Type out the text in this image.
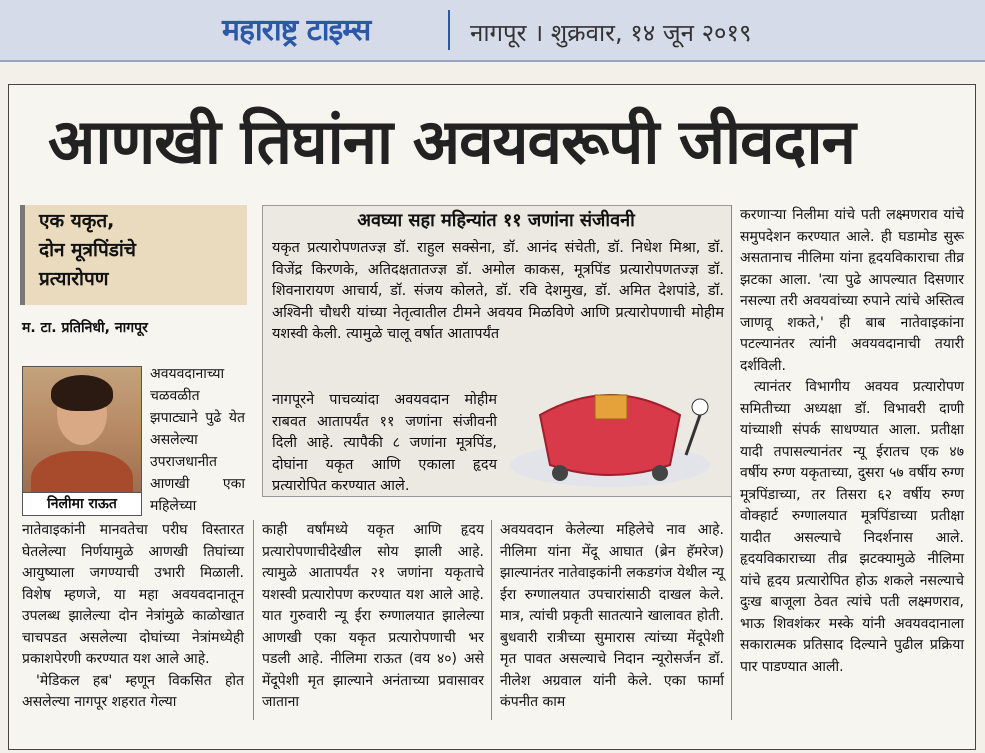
महाराष्ट्र टाइम्स	नागपूर । शुक्रवार, १४ जून २०१९
आणखी तिघांना अवयवरूपी जीवदान
एक यकृत,
दोन मूत्रपिंडांचे
प्रत्यारोपण
म. टा. प्रतिनिधी, नागपूर
निलीमा राऊत

अवयवदानाच्या चळवळीत झपाट्याने पुढे येत असलेल्या उपराजधानीत आणखी एका महिलेच्या

नातेवाइकांनी मानवतेचा परीघ विस्तारत घेतलेल्या निर्णयामुळे आणखी तिघांच्या आयुष्याला जगण्याची उभारी मिळाली. विशेष म्हणजे, या महा अवयवदानातून उपलब्ध झालेल्या दोन नेत्रांमुळे काळोखात चाचपडत असलेल्या दोघांच्या नेत्रांमध्येही प्रकाशपेरणी करण्यात यश आले आहे.

'मेडिकल हब' म्हणून विकसित होत असलेल्या नागपूर शहरात गेल्या

अवघ्या सहा महिन्यांत ११ जणांना संजीवनी

यकृत प्रत्यारोपणतज्ज्ञ डॉ. राहुल सक्सेना, डॉ. आनंद संचेती, डॉ. निधेश मिश्रा, डॉ. विजेंद्र किरणके, अतिदक्षतातज्ज्ञ डॉ. अमोल काकस, मूत्रपिंड प्रत्यारोपणतज्ज्ञ डॉ. शिवनारायण आचार्य, डॉ. संजय कोलते, डॉ. रवि देशमुख, डॉ. अमित देशपांडे, डॉ. अश्विनी चौधरी यांच्या नेतृत्वातील टीमने अवयव मिळविणे आणि प्रत्यारोपणाची मोहीम यशस्वी केली. त्यामुळे चालू वर्षात आतापर्यंत

नागपूरने पाचव्यांदा अवयवदान मोहीम राबवत आतापर्यंत ११ जणांना संजीवनी दिली आहे. त्यापैकी ८ जणांना मूत्रपिंड, दोघांना यकृत आणि एकाला हृदय प्रत्यारोपित करण्यात आले.

काही वर्षांमध्ये यकृत आणि हृदय प्रत्यारोपणाचीदेखील सोय झाली आहे. त्यामुळे आतापर्यंत २१ जणांना यकृताचे यशस्वी प्रत्यारोपण करण्यात यश आले आहे. यात गुरुवारी न्यू ईरा रुग्णालयात झालेल्या आणखी एका यकृत प्रत्यारोपणाची भर पडली आहे. नीलिमा राऊत (वय ४०) असे मेंदूपेशी मृत झाल्याने अनंताच्या प्रवासावर जाताना

अवयवदान केलेल्या महिलेचे नाव आहे. नीलिमा यांना मेंदू आघात (ब्रेन हॅमरेज) झाल्यानंतर नातेवाइकांनी लकडगंज येथील न्यू ईरा रुग्णालयात उपचारांसाठी दाखल केले. मात्र, त्यांची प्रकृती सातत्याने खालावत होती. बुधवारी रात्रीच्या सुमारास त्यांच्या मेंदूपेशी मृत पावत असल्याचे निदान न्यूरोसर्जन डॉ. नीलेश अग्रवाल यांनी केले. एका फार्मा कंपनीत काम

करणाऱ्या निलीमा यांचे पती लक्ष्मणराव यांचे समुपदेशन करण्यात आले. ही घडामोड सुरू असतानाच नीलिमा यांना हृदयविकाराचा तीव्र झटका आला. 'त्या पुढे आपल्यात दिसणार नसल्या तरी अवयवांच्या रुपाने त्यांचे अस्तित्व जाणवू शकते,' ही बाब नातेवाइकांना पटल्यानंतर त्यांनी अवयवदानाची तयारी दर्शविली.

त्यानंतर विभागीय अवयव प्रत्यारोपण समितीच्या अध्यक्षा डॉ. विभावरी दाणी यांच्याशी संपर्क साधण्यात आला. प्रतीक्षा यादी तपासल्यानंतर न्यू ईरातच एक ४७ वर्षीय रुग्ण यकृताच्या, दुसरा ५७ वर्षीय रुग्ण मूत्रपिंडाच्या, तर तिसरा ६२ वर्षीय रुग्ण वोक्हार्ट रुग्णालयात मूत्रपिंडाच्या प्रतीक्षा यादीत असल्याचे निदर्शनास आले. हृदयविकाराच्या तीव्र झटक्यामुळे नीलिमा यांचे हृदय प्रत्यारोपित होऊ शकले नसल्याचे दुःख बाजूला ठेवत त्यांचे पती लक्ष्मणराव, भाऊ शिवशंकर मस्के यांनी अवयवदानाला सकारात्मक प्रतिसाद दिल्याने पुढील प्रक्रिया पार पाडण्यात आली.
